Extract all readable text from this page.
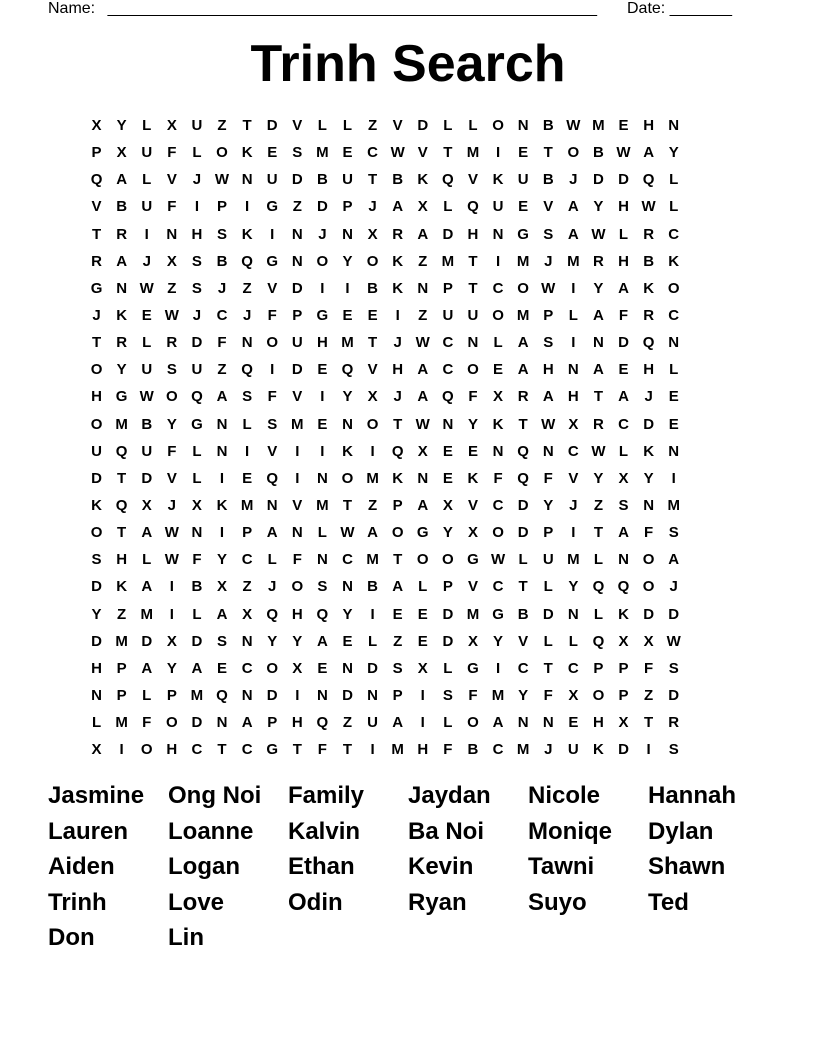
Name: _______________________________________________________ Date: _______
Trinh Search
X	Y	L	X U	Z	T	D V	L	L	Z	V D	L	L O N B W M E H N
P	X U	F	L O K E	S M E C W V	T M	I	E	T O B W A Y
Q A	L	V	J W N U D B U	T	B K Q V K U B	J	D D Q L
V B U	F	I	P	I	G Z	D P	J	A X	L Q U E	V A Y H W L
T	R	I	N H S K	I	N	J	N X R A D H N G S A W L	R C
R A	J	X	S B Q G N O Y O K	Z M T	I	M J M R H B K
G N W Z	S	J	Z	V D	I	I	B K N P	T	C O W	I	Y A K O
J	K E W J	C	J	F	P G E	E	I	Z	U U O M P	L	A	F	R C
T	R	L	R D	F	N O U H M T	J W C N	L	A S	I	N D Q N
O Y U S U	Z Q	I	D E Q V H A C O E A H N A E H	L
H G W O Q A S	F	V	I	Y	X	J	A Q F	X R A H	T	A	J	E
O M B Y G N	L	S M E N O T W N Y K	T W X R C D E
U Q U	F	L	N	I	V	I	I	K	I	Q X	E	E N Q N C W L	K N
D	T	D V	L	I	E Q	I	N O M K N E K	F Q F	V	Y	X	Y	I
K Q X	J	X K M N V M T	Z	P A X	V C D Y	J	Z	S N M
O T	A W N	I	P A N	L W A O G Y	X O D P	I	T	A	F	S
S H	L W F	Y C	L	F	N C M T O O G W L	U M L	N O A
D K A	I	B X	Z	J	O S N B A	L	P	V C	T	L	Y Q Q O	J
Y	Z M	I	L	A X Q H Q Y	I	E	E D M G B D N	L	K D D
D M D X D S N Y	Y A E	L	Z	E D X	Y	V	L	L Q X	X W
H P A Y A E C O X	E N D S	X	L G	I	C	T	C P	P	F	S
N P	L	P M Q N D	I	N D N P	I	S	F M Y	F	X O P	Z	D
L M F O D N A P H Q Z	U A	I	L O A N N E H X	T	R
X	I	O H C	T	C G T	F	T	I	M H	F	B C M J	U K D	I	S
Jasmine Ong Noi	Family	Jaydan	Nicole	Hannah
Lauren	Loanne	Kalvin	Ba Noi	Moniqe	Dylan
Aiden	Logan	Ethan	Kevin	Tawni	Shawn
Trinh	Love	Odin	Ryan	Suyo	Ted
Don	Lin
